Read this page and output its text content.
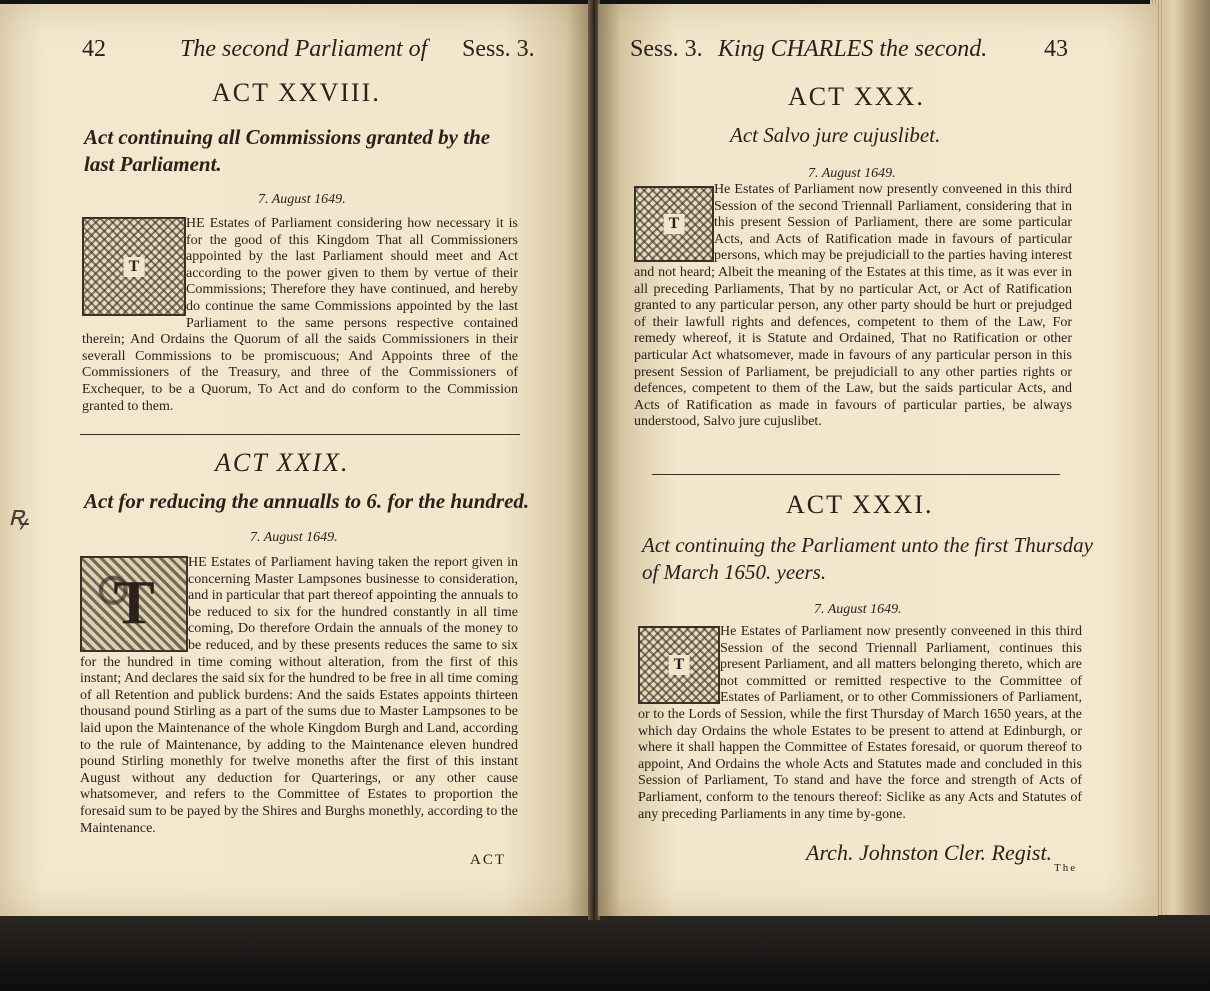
42	The second Parliament of Sess. 3.
ACT XXVIII.
Act continuing all Commissions granted by the last Parliament.
7. August 1649.
T

HE Estates of Parliament considering how necessary it is for the good of this Kingdom That all Commissioners appointed by the last Parliament should meet and Act according to the power given to them by vertue of their Commissions; Therefore they have continued, and hereby do continue the same Commissions appointed by the last Parliament to the same persons respective contained therein; And Ordains the Quorum of all the saids Commissioners in their severall Commissions to be promiscuous; And Appoints three of the Commissioners of the Treasury, and three of the Commissioners of Exchequer, to be a Quorum, To Act and do conform to the Commission granted to them.

ACT XXIX.
Act for reducing the annualls to 6. for the hundred.
ꝶ
7. August 1649.
T

HE Estates of Parliament having taken the report given in concerning Master Lampsones businesse to consideration, and in particular that part thereof appointing the annuals to be reduced to six for the hundred constantly in all time coming, Do therefore Ordain the annuals of the money to be reduced, and by these presents reduces the same to six for the hundred in time coming without alteration, from the first of this instant; And declares the said six for the hundred to be free in all time coming of all Retention and publick burdens: And the saids Estates appoints thirteen thousand pound Stirling as a part of the sums due to Master Lampsones to be laid upon the Maintenance of the whole Kingdom Burgh and Land, according to the rule of Maintenance, by adding to the Maintenance eleven hundred pound Stirling monethly for twelve moneths after the first of this instant August without any deduction for Quarterings, or any other cause whatsomever, and refers to the Committee of Estates to proportion the foresaid sum to be payed by the Shires and Burghs monethly, according to the Maintenance.

ACT
Sess. 3. King CHARLES the second. 43
ACT XXX.
Act Salvo jure cujuslibet.
7. August 1649.
T

He Estates of Parliament now presently conveened in this third Session of the second Triennall Parliament, considering that in this present Session of Parliament, there are some particular Acts, and Acts of Ratification made in favours of particular persons, which may be prejudiciall to the parties having interest and not heard; Albeit the meaning of the Estates at this time, as it was ever in all preceding Parliaments, That by no particular Act, or Act of Ratification granted to any particular person, any other party should be hurt or prejudged of their lawfull rights and defences, competent to them of the Law, For remedy whereof, it is Statute and Ordained, That no Ratification or other particular Act whatsomever, made in favours of any particular person in this present Session of Parliament, be prejudiciall to any other parties rights or defences, competent to them of the Law, but the saids particular Acts, and Acts of Ratification as made in favours of particular parties, be always understood, Salvo jure cujuslibet.

ACT XXXI.
Act continuing the Parliament unto the first Thursday of March 1650. yeers.
7. August 1649.
T

He Estates of Parliament now presently conveened in this third Session of the second Triennall Parliament, continues this present Parliament, and all matters belonging thereto, which are not committed or remitted respective to the Committee of Estates of Parliament, or to other Commissioners of Parliament, or to the Lords of Session, while the first Thursday of March 1650 years, at the which day Ordains the whole Estates to be present to attend at Edinburgh, or where it shall happen the Committee of Estates foresaid, or quorum thereof to appoint, And Ordains the whole Acts and Statutes made and concluded in this Session of Parliament, To stand and have the force and strength of Acts of Parliament, conform to the tenours thereof: Siclike as any Acts and Statutes of any preceding Parliaments in any time by-gone.

Arch. Johnston Cler. Regist.
The
